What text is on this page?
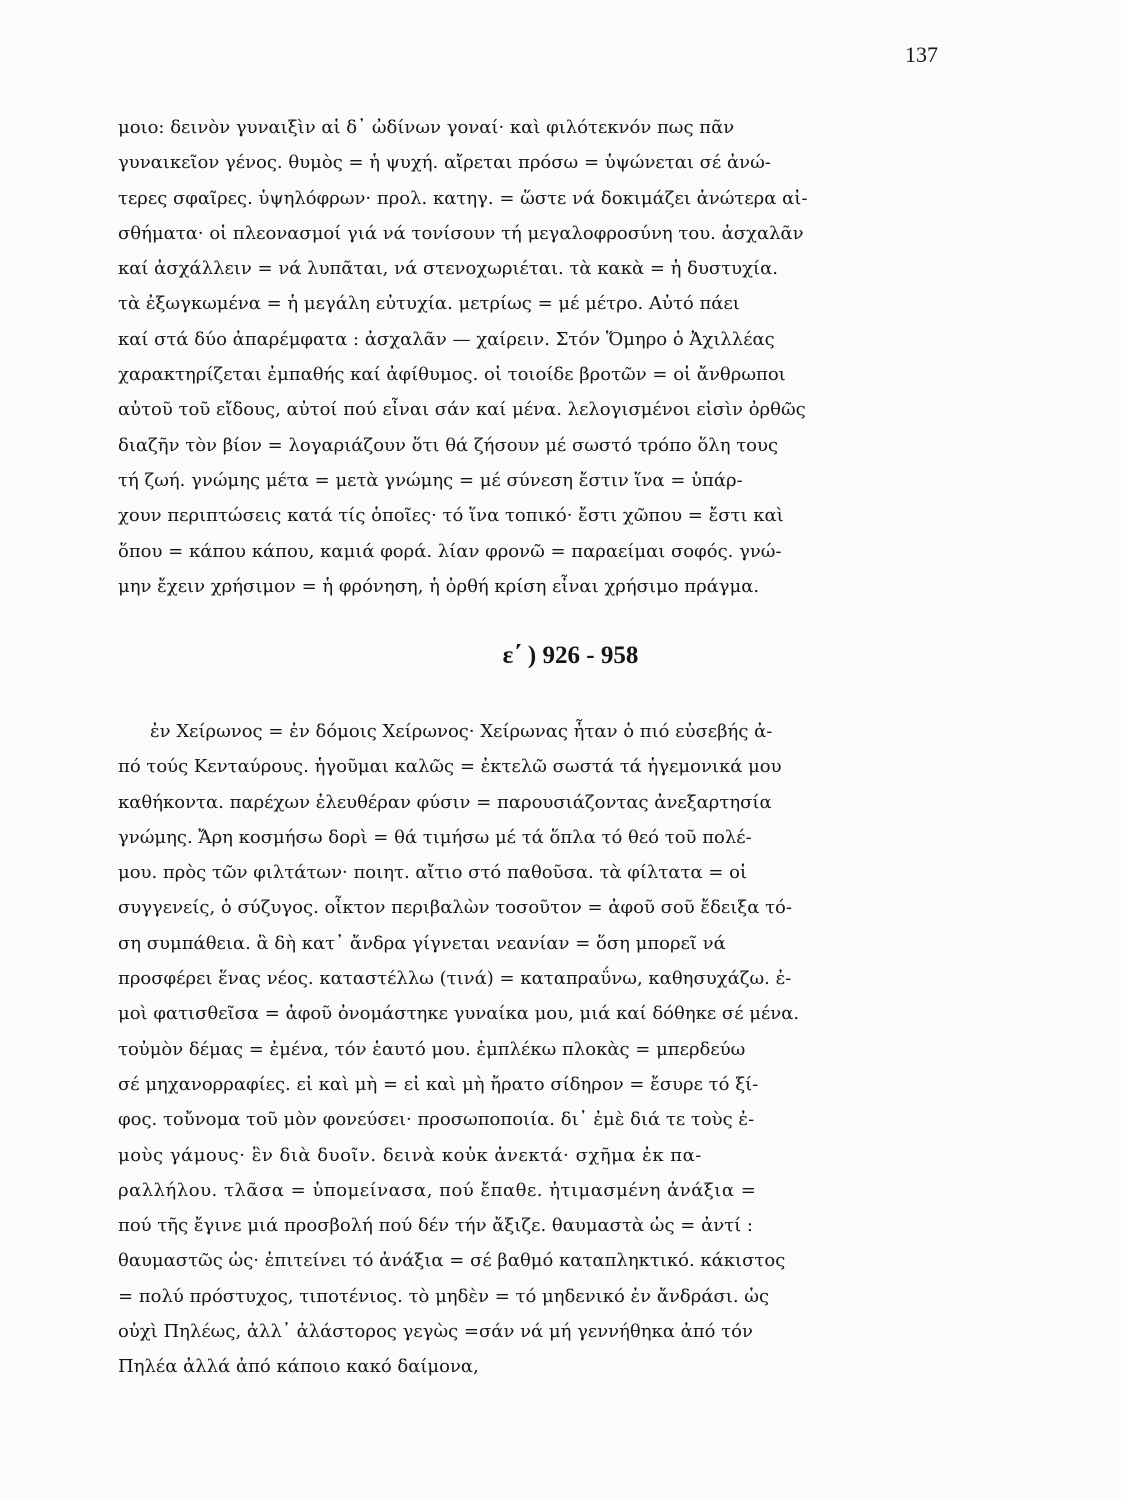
137
μοιο: δεινὸν γυναιξὶν αἱ δ᾽ ὠδίνων γοναί· καὶ φιλότεκνόν πως πᾶν
γυναικεῖον γένος. θυμὸς = ἡ ψυχή. αἴρεται πρόσω = ὑψώνεται σέ ἀνώ-
τερες σφαῖρες. ὑψηλόφρων· προλ. κατηγ. = ὥστε νά δοκιμάζει ἀνώτερα αἰ-
σθήματα· οἱ πλεονασμοί γιά νά τονίσουν τή μεγαλοφροσύνη του. ἀσχαλᾶν
καί ἀσχάλλειν = νά λυπᾶται, νά στενοχωριέται. τὰ κακὰ = ἡ δυστυχία.
τὰ ἐξωγκωμένα = ἡ μεγάλη εὐτυχία. μετρίως = μέ μέτρο. Αὐτό πάει
καί στά δύο ἀπαρέμφατα : ἀσχαλᾶν — χαίρειν. Στόν Ὅμηρο ὁ Ἀχιλλέας
χαρακτηρίζεται ἐμπαθής καί ἀφίθυμος. οἱ τοιοίδε βροτῶν = οἱ ἄνθρωποι
αὐτοῦ τοῦ εἴδους, αὐτοί πού εἶναι σάν καί μένα. λελογισμένοι εἰσὶν ὀρθῶς
διαζῆν τὸν βίον = λογαριάζουν ὅτι θά ζήσουν μέ σωστό τρόπο ὅλη τους
τή ζωή. γνώμης μέτα = μετὰ γνώμης = μέ σύνεση ἔστιν ἵνα = ὑπάρ-
χουν περιπτώσεις κατά τίς ὁποῖες· τό ἵνα τοπικό· ἔστι χῶπου = ἔστι καὶ
ὅπου = κάπου κάπου, καμιά φορά. λίαν φρονῶ = παραείμαι σοφός. γνώ-
μην ἔχειν χρήσιμον = ἡ φρόνηση, ἡ ὀρθή κρίση εἶναι χρήσιμο πράγμα.
ε΄ ) 926 - 958
ἐν Χείρωνος = ἐν δόμοις Χείρωνος· Χείρωνας ἦταν ὁ πιό εὐσεβής ἀ-
πό τούς Κενταύρους. ἡγοῦμαι καλῶς = ἐκτελῶ σωστά τά ἡγεμονικά μου
καθήκοντα. παρέχων ἐλευθέραν φύσιν = παρουσιάζοντας ἀνεξαρτησία
γνώμης. Ἄρη κοσμήσω δορὶ = θά τιμήσω μέ τά ὅπλα τό θεό τοῦ πολέ-
μου. πρὸς τῶν φιλτάτων· ποιητ. αἴτιο στό παθοῦσα. τὰ φίλτατα = οἱ
συγγενείς, ὁ σύζυγος. οἶκτον περιβαλὼν τοσοῦτον = ἀφοῦ σοῦ ἔδειξα τό-
ση συμπάθεια. ἃ δὴ κατ᾽ ἄνδρα γίγνεται νεανίαν = ὅση μπορεῖ νά
προσφέρει ἕνας νέος. καταστέλλω (τινά) = καταπραΰνω, καθησυχάζω. ἐ-
μοὶ φατισθεῖσα = ἀφοῦ ὀνομάστηκε γυναίκα μου, μιά καί δόθηκε σέ μένα.
τοὐμὸν δέμας = ἐμένα, τόν ἑαυτό μου. ἐμπλέκω πλοκὰς = μπερδεύω
σέ μηχανορραφίες. εἰ καὶ μὴ = εἰ καὶ μὴ ἤρατο σίδηρον = ἔσυρε τό ξί-
φος. τοὔνομα τοῦ μὸν φονεύσει· προσωποποιία. δι᾽ ἐμὲ διά τε τοὺς ἐ-
μοὺς γάμους· ἓν διὰ δυοῖν. δεινὰ κοὐκ ἀνεκτά· σχῆμα ἐκ πα-
ραλλήλου. τλᾶσα = ὑπομείνασα, πού ἔπαθε. ἠτιμασμένη ἀνάξια =
πού τῆς ἔγινε μιά προσβολή πού δέν τήν ἄξιζε. θαυμαστὰ ὡς = ἀντί :
θαυμαστῶς ὡς· ἐπιτείνει τό ἀνάξια = σέ βαθμό καταπληκτικό. κάκιστος
= πολύ πρόστυχος, τιποτένιος. τὸ μηδὲν = τό μηδενικό ἐν ἄνδράσι. ὡς
οὐχὶ Πηλέως, ἀλλ᾽ ἀλάστορος γεγὼς =σάν νά μή γεννήθηκα ἀπό τόν
Πηλέα ἀλλά ἀπό κάποιο κακό δαίμονα,
